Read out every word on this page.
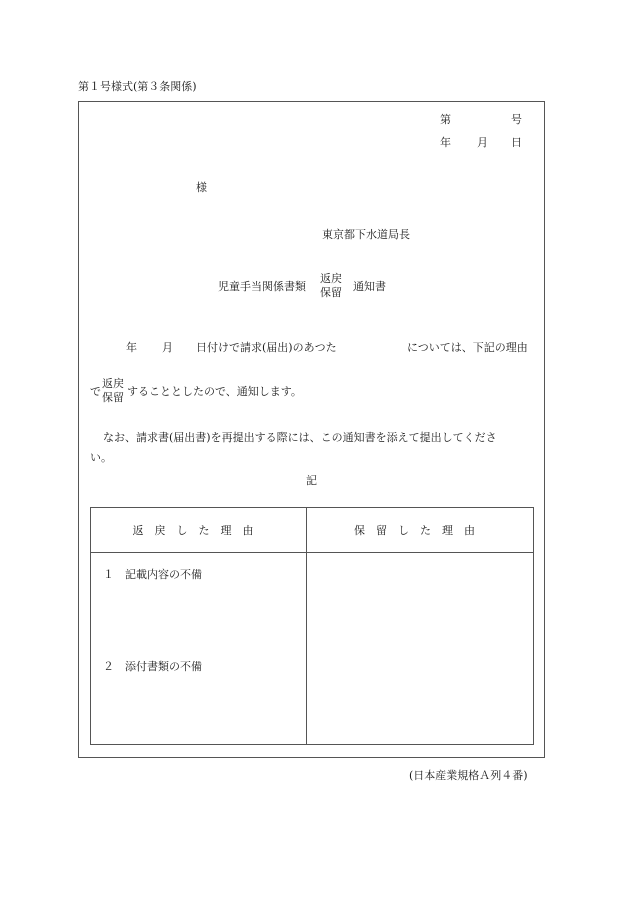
第１号様式(第３条関係)
第	号
年 月 日
様
東京都下水道局長
児童手当関係書類
返戻
保留 通知書
年 月 日付けで請求(届出)のあつた	については、下記の理由
で
返戻
保留 することとしたので、通知します。
なお、請求書(届出書)を再提出する際には、この通知書を添えて提出してくださ
い。
記
返戻した理由	保留した理由

１　記載内容の不備
２　添付書類の不備	

(日本産業規格Ａ列４番)
